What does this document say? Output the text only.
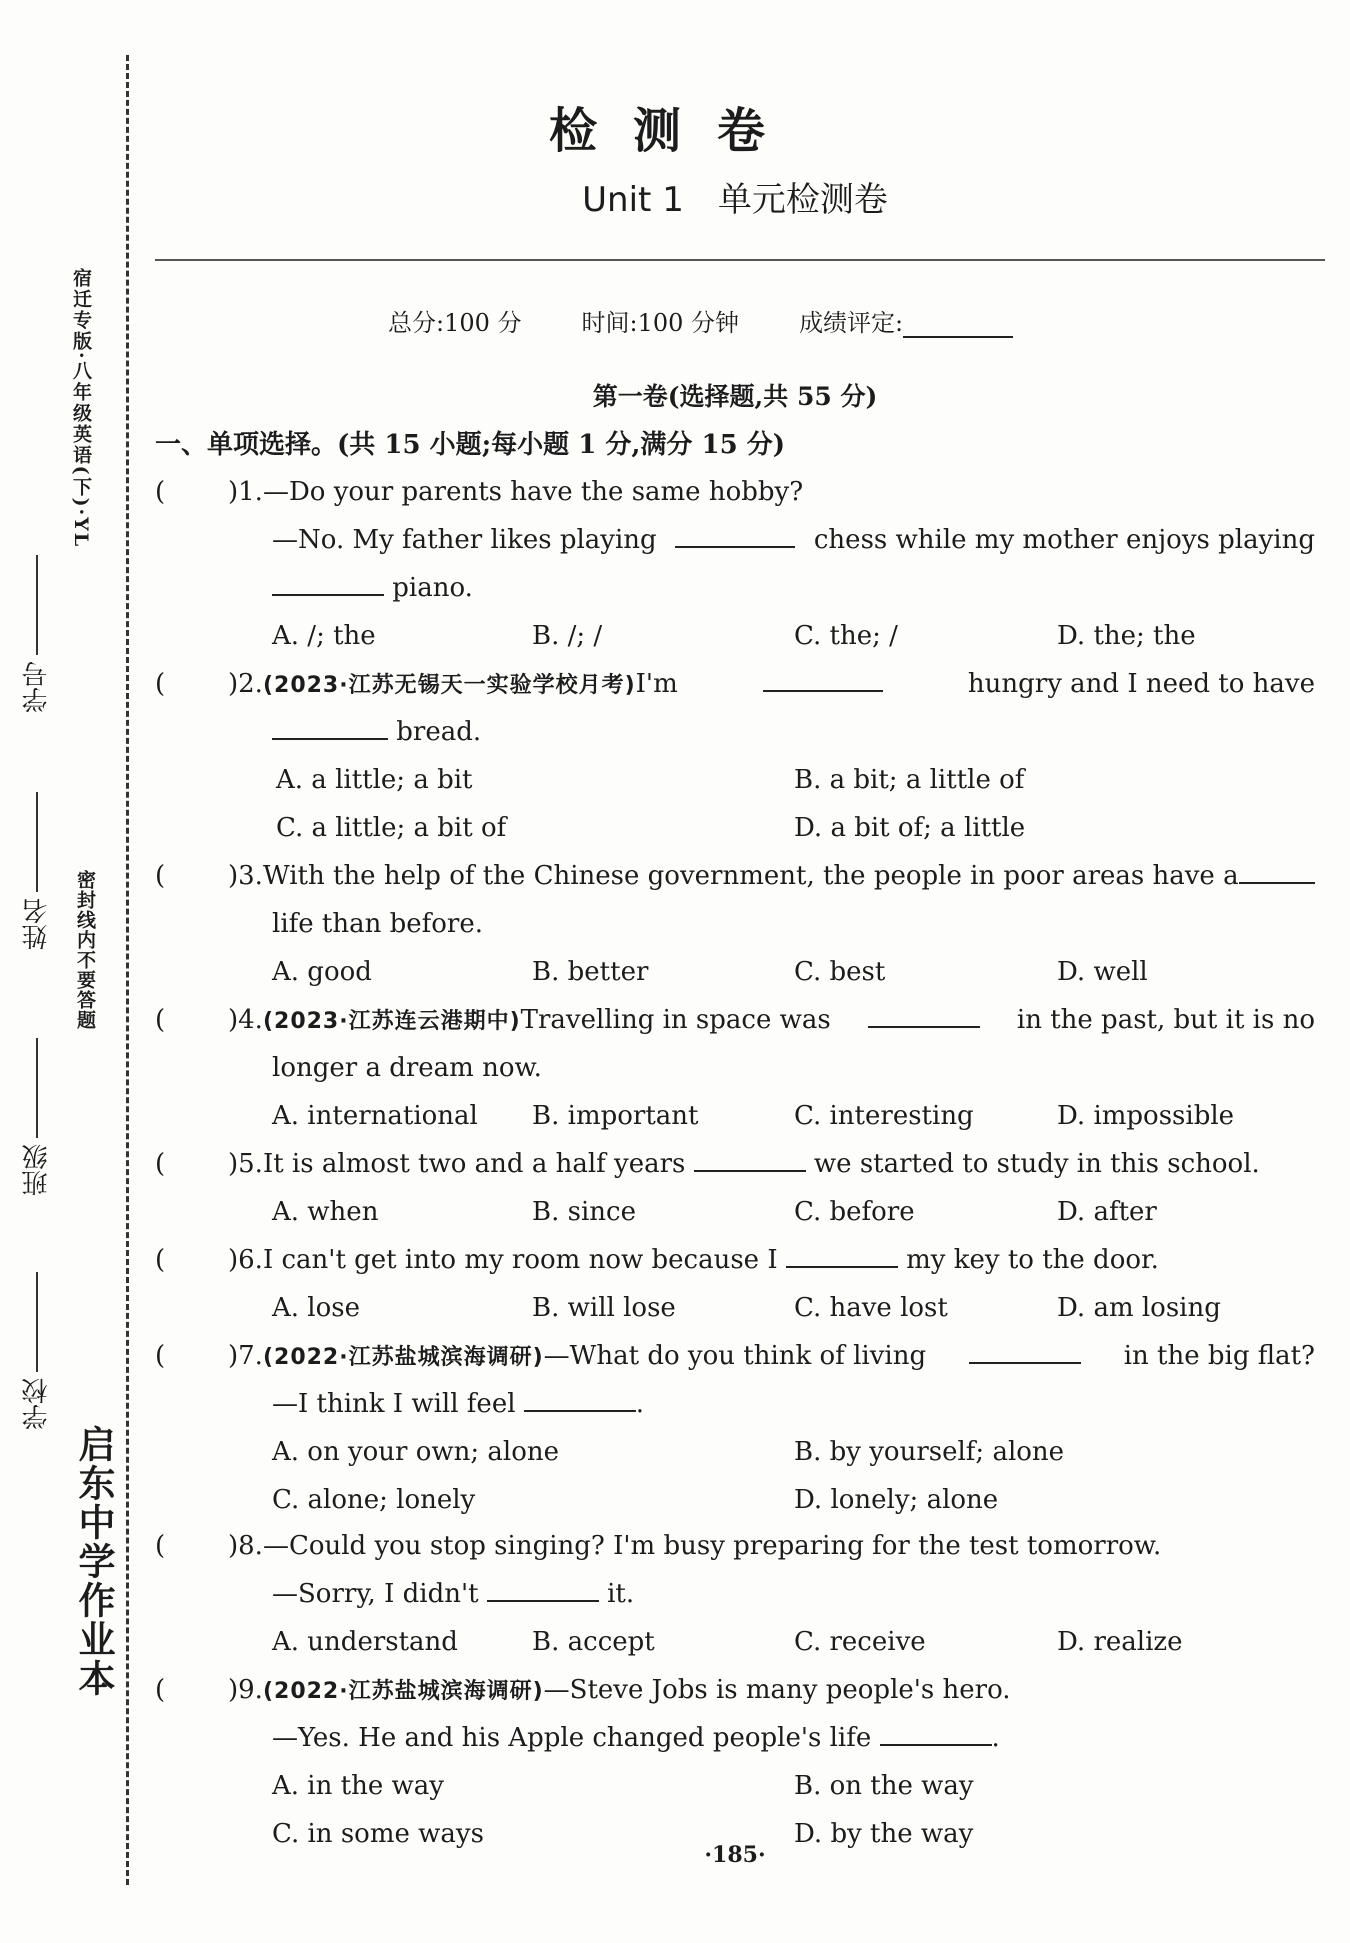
宿迁专版·八年级英语(下)·YL
密封线内不要答题
启东中学作业本
学号
姓名
班级
学校
检测卷
Unit 1　单元检测卷
总分:100 分	时间:100 分钟	成绩评定:
第一卷(选择题,共 55 分)
一、单项选择。(共 15 小题;每小题 1 分,满分 15 分)
( )1.—Do your parents have the same hobby?
—No. My father likes playing	chess while my mother enjoys playing
piano.
A. /; the	B. /; /	C. the; /	D. the; the
( )2.(2023·江苏无锡天一实验学校月考)I'm	hungry and I need to have
bread.
A. a little; a bit	B. a bit; a little of
C. a little; a bit of	D. a bit of; a little
( )3.With the help of the Chinese government, the people in poor areas have a
life than before.
A. good	B. better	C. best	D. well
( )4.(2023·江苏连云港期中)Travelling in space was	in the past, but it is no
longer a dream now.
A. international B. important	C. interesting	D. impossible
( )5.It is almost two and a half years	we started to study in this school.
A. when	B. since	C. before	D. after
( )6.I can't get into my room now because I	my key to the door.
A. lose	B. will lose	C. have lost	D. am losing
( )7.(2022·江苏盐城滨海调研)—What do you think of living	in the big flat?
—I think I will feel	.
A. on your own; alone	B. by yourself; alone
C. alone; lonely	D. lonely; alone
( )8.—Could you stop singing? I'm busy preparing for the test tomorrow.
—Sorry, I didn't	it.
A. understand	B. accept	C. receive	D. realize
( )9.(2022·江苏盐城滨海调研)—Steve Jobs is many people's hero.
—Yes. He and his Apple changed people's life	.
A. in the way	B. on the way
C. in some ways	D. by the way
·185·
